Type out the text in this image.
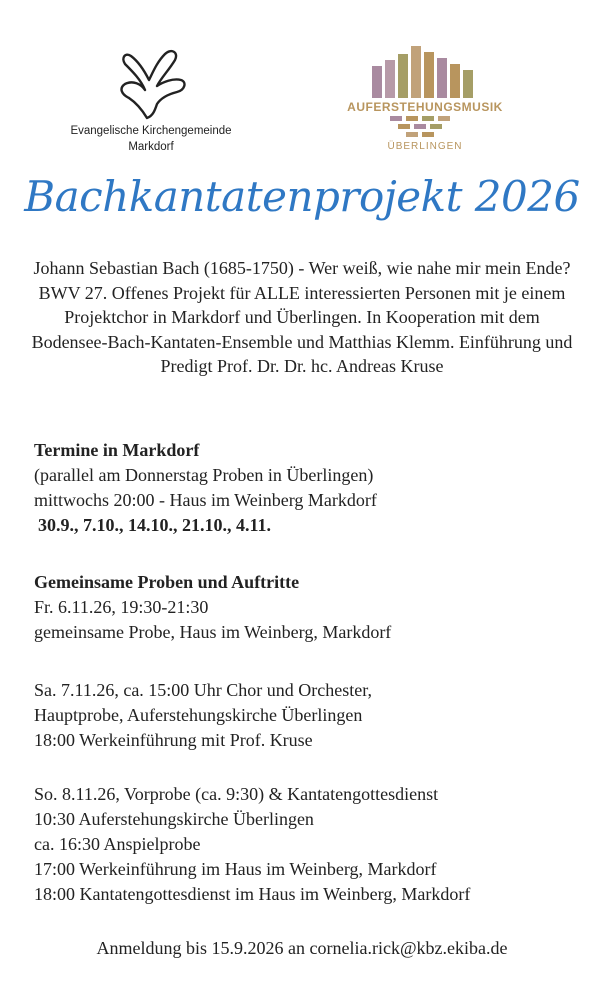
Evangelische Kirchengemeinde
Markdorf
AUFERSTEHUNGSMUSIK
ÜBERLINGEN
Bachkantatenprojekt 2026
Johann Sebastian Bach (1685-1750) - Wer weiß, wie nahe mir mein Ende? BWV 27. Offenes Projekt für ALLE interessierten Personen mit je einem Projektchor in Markdorf und Überlingen. In Kooperation mit dem Bodensee-Bach-Kantaten-Ensemble und Matthias Klemm. Einführung und Predigt Prof. Dr. Dr. hc. Andreas Kruse

Termine in Markdorf

(parallel am Donnerstag Proben in Überlingen)

mittwochs 20:00 - Haus im Weinberg Markdorf

30.9., 7.10., 14.10., 21.10., 4.11.

Gemeinsame Proben und Auftritte

Fr. 6.11.26, 19:30-21:30

gemeinsame Probe, Haus im Weinberg, Markdorf

Sa. 7.11.26, ca. 15:00 Uhr Chor und Orchester,

Hauptprobe, Auferstehungskirche Überlingen

18:00 Werkeinführung mit Prof. Kruse

So. 8.11.26, Vorprobe (ca. 9:30) & Kantatengottesdienst

10:30 Auferstehungskirche Überlingen

ca. 16:30 Anspielprobe

17:00 Werkeinführung im Haus im Weinberg, Markdorf

18:00 Kantatengottesdienst im Haus im Weinberg, Markdorf

Anmeldung bis 15.9.2026 an cornelia.rick@kbz.ekiba.de
